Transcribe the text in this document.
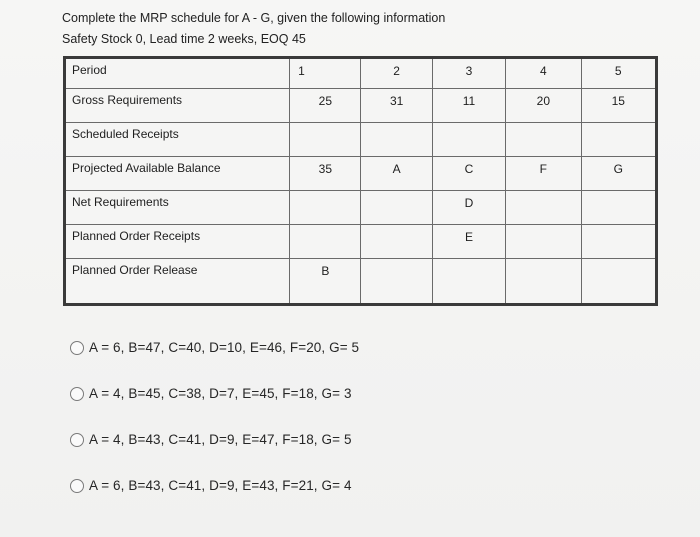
Complete the MRP schedule for A - G, given the following information
Safety Stock 0, Lead time 2 weeks, EOQ 45
Period	1	2	3	4	5

Gross Requirements	25	31	11	20	15

Scheduled Receipts					

Projected Available Balance	35	A	C	F	G

Net Requirements			D		

Planned Order Receipts			E		

Planned Order Release	B				

A = 6, B=47, C=40, D=10, E=46, F=20, G= 5
A = 4, B=45, C=38, D=7, E=45, F=18, G= 3
A = 4, B=43, C=41, D=9, E=47, F=18, G= 5
A = 6, B=43, C=41, D=9, E=43, F=21, G= 4
